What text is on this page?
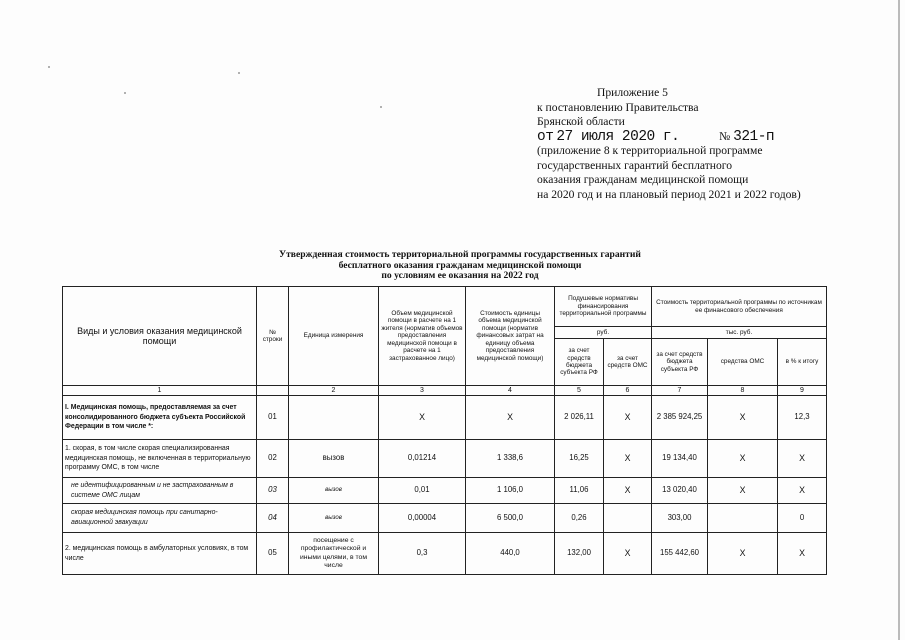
Приложение 5
к постановлению Правительства
Брянской области
от 27 июля 2020 г.	№ 321-п
(приложение 8 к территориальной программе
государственных гарантий бесплатного
оказания гражданам медицинской помощи
на 2020 год и на плановый период 2021 и 2022 годов)
Утвержденная стоимость территориальной программы государственных гарантий
бесплатного оказания гражданам медицинской помощи
по условиям ее оказания на 2022 год
Виды и условия оказания медицинской помощи	№ строки	Единица измерения	Объем медицинской помощи в расчете на 1 жителя (норматив объемов предоставления медицинской помощи в расчете на 1 застрахованное лицо)	Стоимость единицы объема медицинской помощи (норматив финансовых затрат на единицу объема предоставления медицинской помощи)	Подушевые нормативы финансирования территориальной программы		Стоимость территориальной программы по источникам ее финансового обеспечения		
					руб.		тыс. руб.		
					за счет средств бюджета субъекта РФ	за счет средств ОМС	за счет средств бюджета субъекта РФ	средства ОМС	в % к итогу
1		2	3	4	5	6	7	8	9
I. Медицинская помощь, предоставляемая за счет консолидированного бюджета субъекта Российской Федерации в том числе *:	01		X	X	2 026,11	X	2 385 924,25	X	12,3
1. скорая, в том числе скорая специализированная медицинская помощь, не включенная в территориальную программу ОМС, в том числе	02	вызов	0,01214	1 338,6	16,25	X	19 134,40	X	X
не идентифицированным и не застрахованным в системе ОМС лицам	03	вызов	0,01	1 106,0	11,06	X	13 020,40	X	X
скорая медицинская помощь при санитарно-авиационной эвакуации	04	вызов	0,00004	6 500,0	0,26		303,00		0
2. медицинская помощь в амбулаторных условиях, в том числе	05	посещение с профилактической и иными целями, в том числе	0,3	440,0	132,00	X	155 442,60	X	X
